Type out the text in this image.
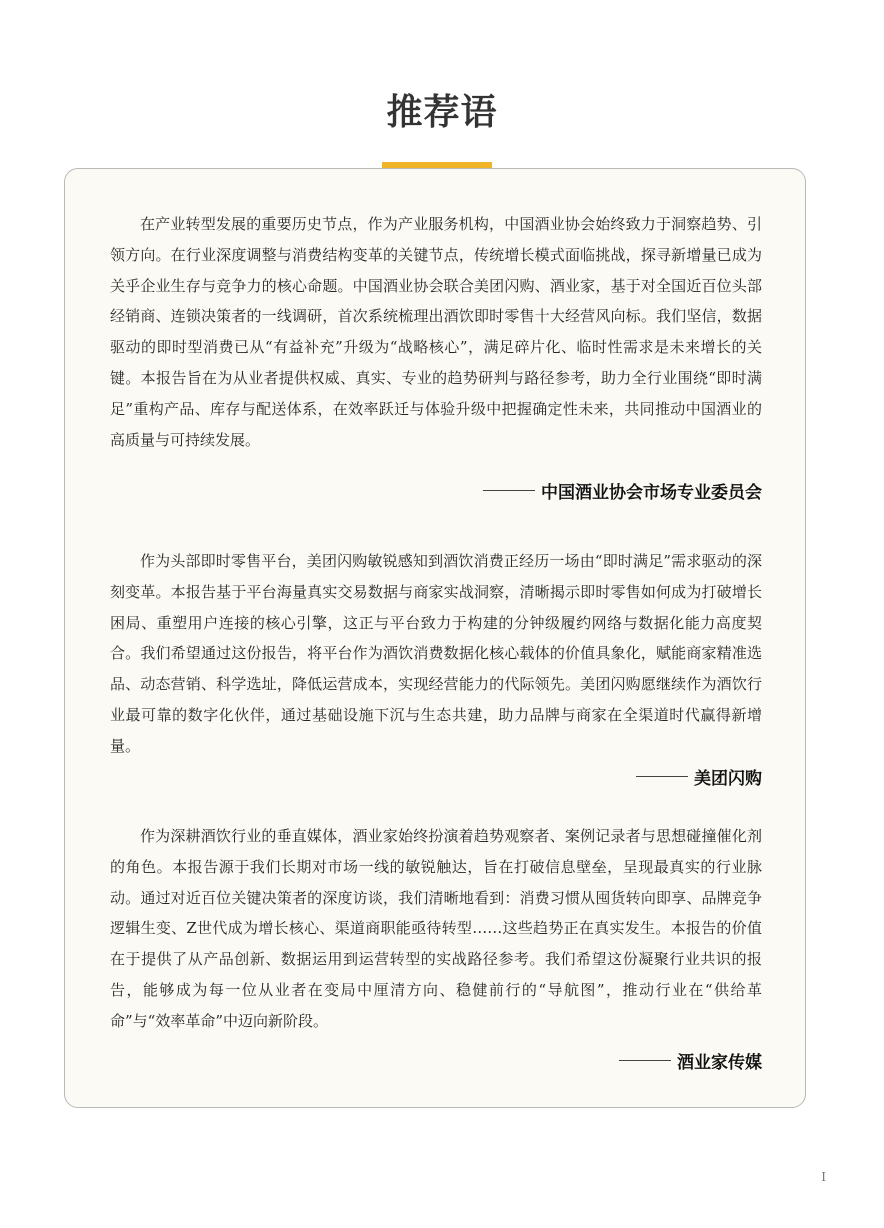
推荐语

在产业转型发展的重要历史节点，作为产业服务机构，中国酒业协会始终致力于洞察趋势、引领方向。在行业深度调整与消费结构变革的关键节点，传统增长模式面临挑战，探寻新增量已成为关乎企业生存与竞争力的核心命题。中国酒业协会联合美团闪购、酒业家，基于对全国近百位头部经销商、连锁决策者的一线调研，首次系统梳理出酒饮即时零售十大经营风向标。我们坚信，数据驱动的即时型消费已从“有益补充”升级为“战略核心”，满足碎片化、临时性需求是未来增长的关键。本报告旨在为从业者提供权威、真实、专业的趋势研判与路径参考，助力全行业围绕“即时满足”重构产品、库存与配送体系，在效率跃迁与体验升级中把握确定性未来，共同推动中国酒业的高质量与可持续发展。

中国酒业协会市场专业委员会

作为头部即时零售平台，美团闪购敏锐感知到酒饮消费正经历一场由“即时满足”需求驱动的深刻变革。本报告基于平台海量真实交易数据与商家实战洞察，清晰揭示即时零售如何成为打破增长困局、重塑用户连接的核心引擎，这正与平台致力于构建的分钟级履约网络与数据化能力高度契合。我们希望通过这份报告，将平台作为酒饮消费数据化核心载体的价值具象化，赋能商家精准选品、动态营销、科学选址，降低运营成本，实现经营能力的代际领先。美团闪购愿继续作为酒饮行业最可靠的数字化伙伴，通过基础设施下沉与生态共建，助力品牌与商家在全渠道时代赢得新增量。

美团闪购

作为深耕酒饮行业的垂直媒体，酒业家始终扮演着趋势观察者、案例记录者与思想碰撞催化剂的角色。本报告源于我们长期对市场一线的敏锐触达，旨在打破信息壁垒，呈现最真实的行业脉动。通过对近百位关键决策者的深度访谈，我们清晰地看到：消费习惯从囤货转向即享、品牌竞争逻辑生变、Z世代成为增长核心、渠道商职能亟待转型……这些趋势正在真实发生。本报告的价值在于提供了从产品创新、数据运用到运营转型的实战路径参考。我们希望这份凝聚行业共识的报告，能够成为每一位从业者在变局中厘清方向、稳健前行的“导航图”，推动行业在“供给革命”与“效率革命”中迈向新阶段。

酒业家传媒
I
